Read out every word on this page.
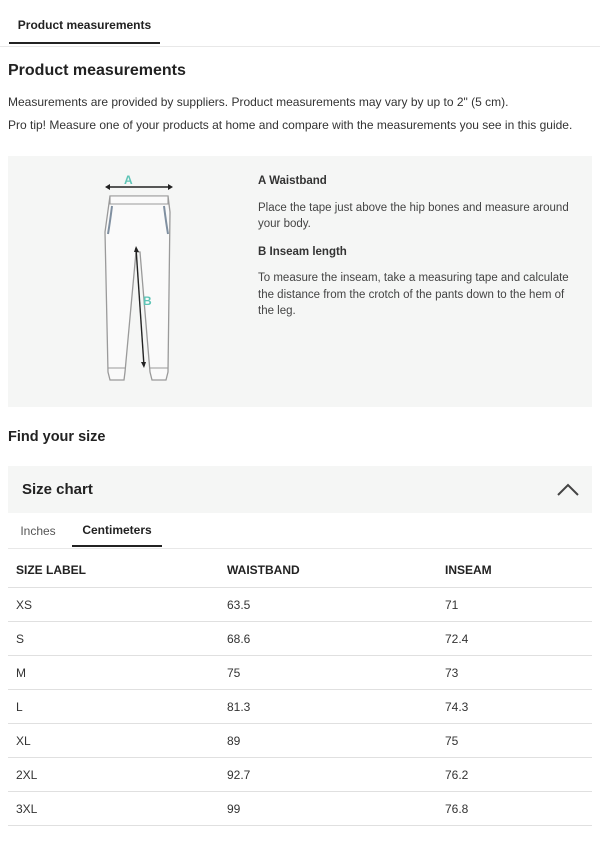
Product measurements
Product measurements

Measurements are provided by suppliers. Product measurements may vary by up to 2" (5 cm).

Pro tip! Measure one of your products at home and compare with the measurements you see in this guide.

A
B

A Waistband

Place the tape just above the hip bones and measure around your body.

B Inseam length

To measure the inseam, take a measuring tape and calculate the distance from the crotch of the pants down to the hem of the leg.

Find your size
Size chart
Inches	Centimeters
SIZE LABEL	WAISTBAND	INSEAM
XS	63.5	71
S	68.6	72.4
M	75	73
L	81.3	74.3
XL	89	75
2XL	92.7	76.2
3XL	99	76.8
